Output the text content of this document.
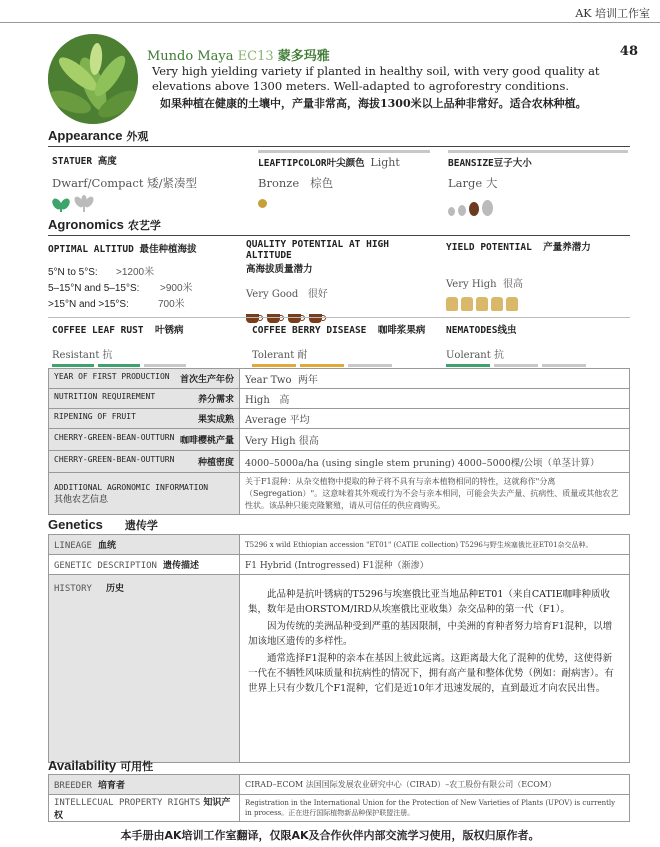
AK 培训工作室
48
Mundo Maya EC13 蒙多玛雅
Very high yielding variety if planted in healthy soil, with very good quality at elevations above 1300 meters. Well-adapted to agroforestry conditions.
如果种植在健康的土壤中，产量非常高，海拔1300米以上品种非常好。适合农林种植。
Appearance 外观
STATUER 高度
Dwarf/Compact 矮/紧凑型
LEAFTIPCOLOR叶尖颜色 Light
Bronze 棕色
BEANSIZE豆子大小
Large 大
Agronomics 农艺学
OPTIMAL ALTITUD 最佳种植海拔
5°N to 5°S: >1200米
5–15°N and 5–15°S: >900米
>15°N and >15°S:	700米
QUALITY POTENTIAL AT HIGH ALTITUDE
高海拔质量潜力
Very Good 很好

YIELD POTENTIAL 产量养潜力
Very High 很高
COFFEE LEAF RUST 叶锈病
Resistant 抗
COFFEE BERRY DISEASE 咖啡浆果病
Tolerant 耐
NEMATODES线虫
Uolerant 抗
YEAR OF FIRST PRODUCTION 首次生产年份	Year Two 两年
NUTRITION REQUIREMENT 养分需求	High 高
RIPENING OF FRUIT 果实成熟	Average 平均
CHERRY-GREEN-BEAN-OUTTURN 咖啡樱桃产量	Very High 很高
CHERRY-GREEN-BEAN-OUTTURN 种植密度	4000–5000a/ha (using single stem pruning) 4000–5000棵/公顷（单茎计算）

ADDITIONAL AGRONOMIC INFORMATION
其他农艺信息	关于F1混种：从杂交植物中提取的种子将不具有与亲本植物相同的特性，这就称作"分离（Segregation）"。这意味着其外观或行为不会与亲本相同，可能会失去产量、抗病性、质量或其他农艺性状。该品种只能克隆繁殖，请从可信任的供应商购买。
Genetics 遗传学
LINEAGE 血统	T5296 x wild Ethiopian accession "ET01" (CATIE collection) T5296与野生埃塞俄比亚ET01杂交品种。
GENETIC DESCRIPTION 遗传描述	F1 Hybrid (Introgressed) F1混种（渐渗）
HISTORY 历史	此品种是抗叶锈病的T5296与埃塞俄比亚当地品种ET01（来自CATIE咖啡种质收集，数年是由ORSTOM/IRD从埃塞俄比亚收集）杂交品种的第一代（F1）。

因为传统的美洲品种受到严重的基因限制，中美洲的育种者努力培育F1混种，以增加该地区遗传的多样性。

通常选择F1混种的亲本在基因上彼此远离。这距离最大化了混种的优势，这使得新一代在不牺牲风味质量和抗病性的情况下，拥有高产量和整体优势（例如：耐病害）。有世界上只有少数几个F1混种，它们是近10年才迅速发展的，直到最近才向农民出售。

Availability 可用性
BREEDER 培育者	CIRAD–ECOM 法国国际发展农业研究中心（CIRAD）–农工股份有限公司（ECOM）
INTELLECUAL PROPERTY RIGHTS 知识产权	Registration in the International Union for the Protection of New Varieties of Plants (UPOV) is currently in process。正在进行国际植物新品种保护联盟注册。
本手册由AK培训工作室翻译，仅限AK及合作伙伴内部交流学习使用，版权归原作者。
